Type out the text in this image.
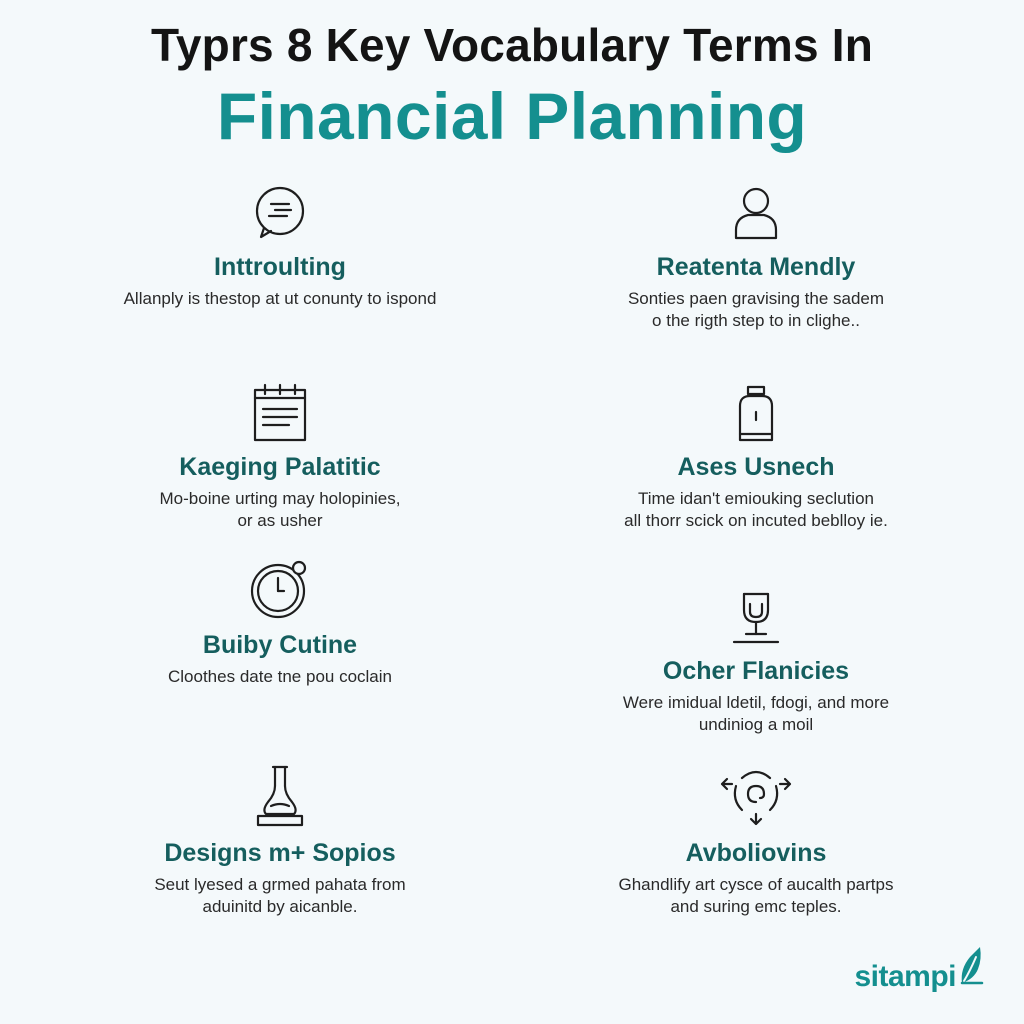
Typrs 8 Key Vocabulary Terms In
Financial Planning
Inttroulting
Allanply is thestop at ut conunty to ispond
Reatenta Mendly
Sonties paen gravising the sadem
o the rigth step to in clighe..
Kaeging Palatitic
Mo-boine urting may holopinies,
or as usher
Ases Usnech
Time idan't emiouking seclution
all thorr scick on incuted beblloy ie.
Buiby Cutine
Cloothes date tne pou coclain	Ocher Flanicies
Were imidual ldetil, fdogi, and more
undiniog a moil
Designs m+ Sopios
Seut lyesed a grmed pahata from
aduinitd by aicanble.
Avboliovins
Ghandlify art cysce of aucalth partps
and suring emc teples.
sitampi
